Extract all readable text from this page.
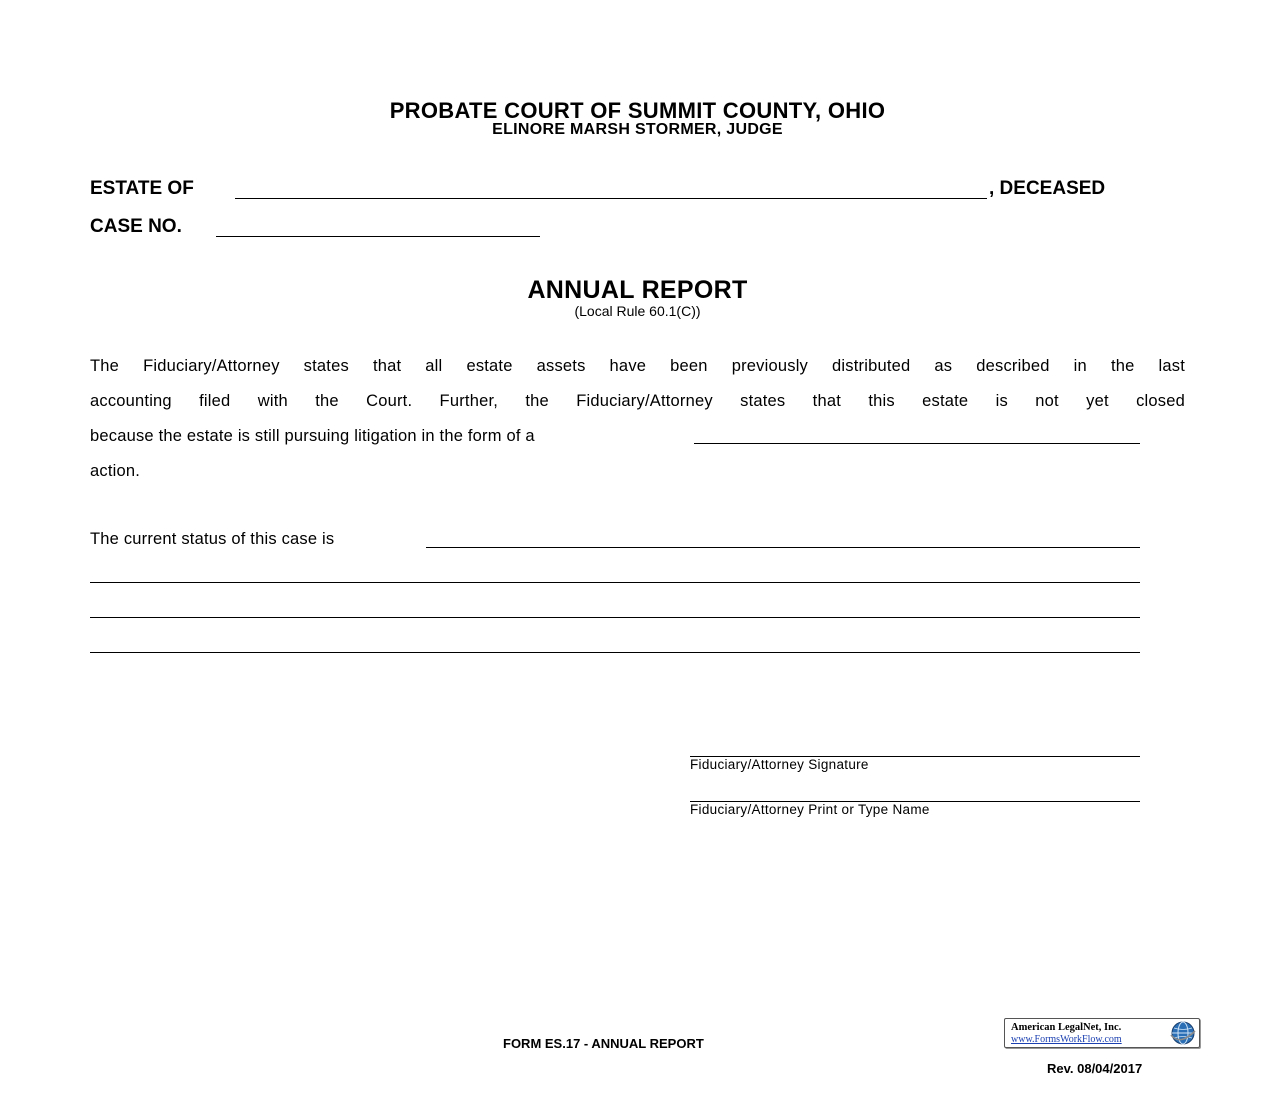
PROBATE COURT OF SUMMIT COUNTY, OHIO
ELINORE MARSH STORMER, JUDGE
ESTATE OF	, DECEASED
CASE NO.
ANNUAL REPORT
(Local Rule 60.1(C))
The Fiduciary/Attorney states that all estate assets have been previously distributed as described in the last
accounting filed with the Court. Further, the Fiduciary/Attorney states that this estate is not yet closed
because the estate is still pursuing litigation in the form of a
action.
The current status of this case is
Fiduciary/Attorney Signature
Fiduciary/Attorney Print or Type Name
FORM ES.17 - ANNUAL REPORT
American LegalNet, Inc.
www.FormsWorkFlow.com
Rev. 08/04/2017
